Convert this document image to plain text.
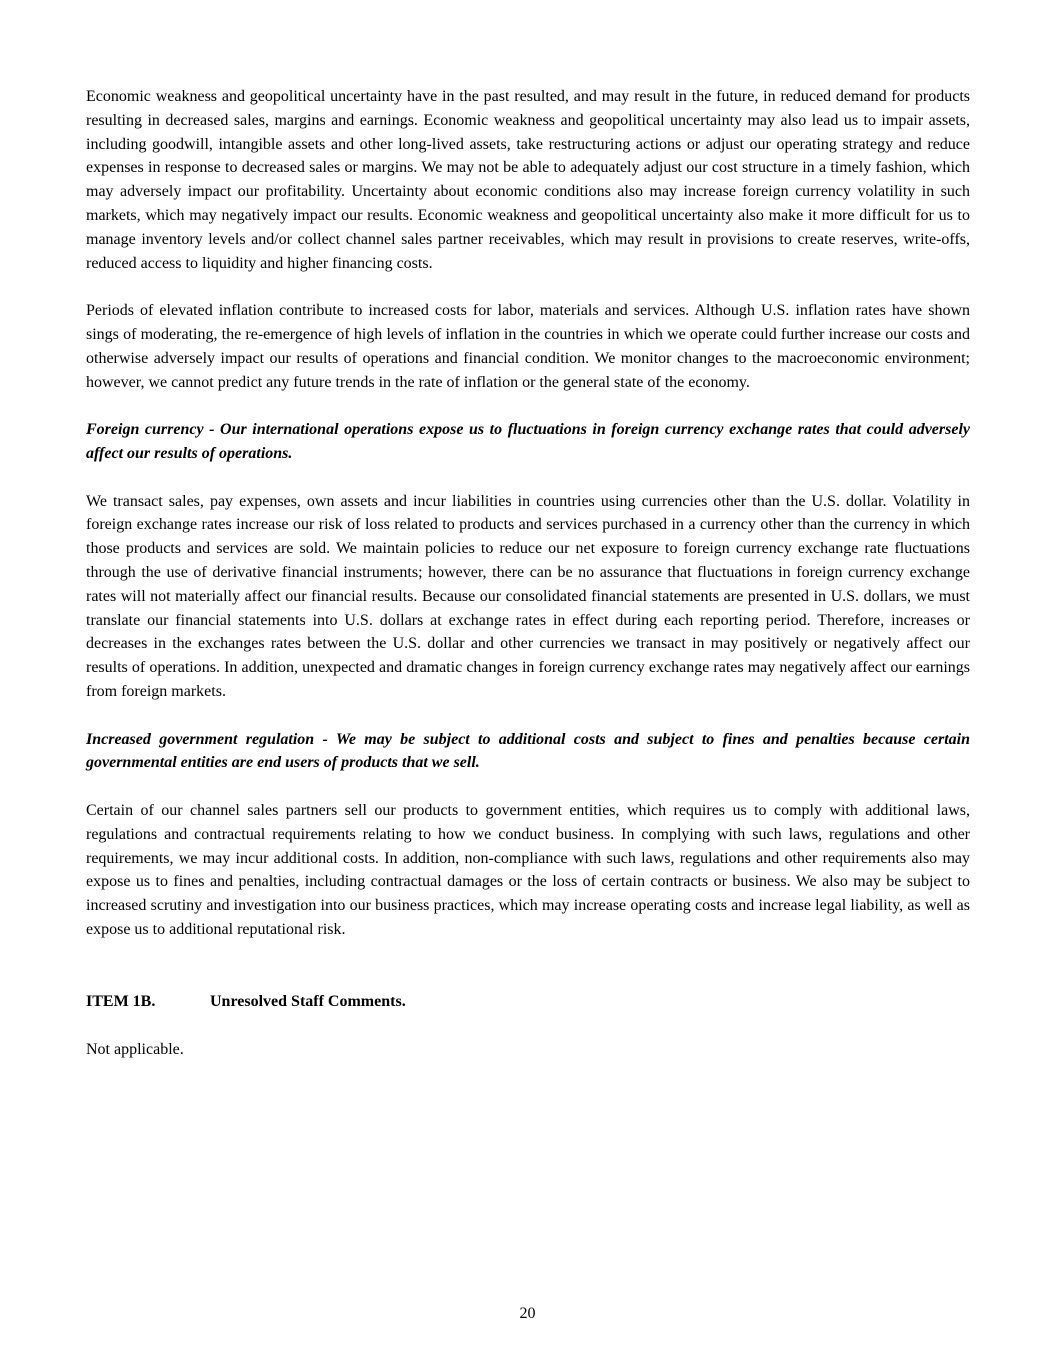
Economic weakness and geopolitical uncertainty have in the past resulted, and may result in the future, in reduced demand for products resulting in decreased sales, margins and earnings. Economic weakness and geopolitical uncertainty may also lead us to impair assets, including goodwill, intangible assets and other long-lived assets, take restructuring actions or adjust our operating strategy and reduce expenses in response to decreased sales or margins. We may not be able to adequately adjust our cost structure in a timely fashion, which may adversely impact our profitability. Uncertainty about economic conditions also may increase foreign currency volatility in such markets, which may negatively impact our results. Economic weakness and geopolitical uncertainty also make it more difficult for us to manage inventory levels and/or collect channel sales partner receivables, which may result in provisions to create reserves, write-offs, reduced access to liquidity and higher financing costs.

Periods of elevated inflation contribute to increased costs for labor, materials and services. Although U.S. inflation rates have shown sings of moderating, the re-emergence of high levels of inflation in the countries in which we operate could further increase our costs and otherwise adversely impact our results of operations and financial condition. We monitor changes to the macroeconomic environment; however, we cannot predict any future trends in the rate of inflation or the general state of the economy.

Foreign currency - Our international operations expose us to fluctuations in foreign currency exchange rates that could adversely affect our results of operations.

We transact sales, pay expenses, own assets and incur liabilities in countries using currencies other than the U.S. dollar. Volatility in foreign exchange rates increase our risk of loss related to products and services purchased in a currency other than the currency in which those products and services are sold. We maintain policies to reduce our net exposure to foreign currency exchange rate fluctuations through the use of derivative financial instruments; however, there can be no assurance that fluctuations in foreign currency exchange rates will not materially affect our financial results. Because our consolidated financial statements are presented in U.S. dollars, we must translate our financial statements into U.S. dollars at exchange rates in effect during each reporting period. Therefore, increases or decreases in the exchanges rates between the U.S. dollar and other currencies we transact in may positively or negatively affect our results of operations. In addition, unexpected and dramatic changes in foreign currency exchange rates may negatively affect our earnings from foreign markets.

Increased government regulation - We may be subject to additional costs and subject to fines and penalties because certain governmental entities are end users of products that we sell.

Certain of our channel sales partners sell our products to government entities, which requires us to comply with additional laws, regulations and contractual requirements relating to how we conduct business. In complying with such laws, regulations and other requirements, we may incur additional costs. In addition, non-compliance with such laws, regulations and other requirements also may expose us to fines and penalties, including contractual damages or the loss of certain contracts or business. We also may be subject to increased scrutiny and investigation into our business practices, which may increase operating costs and increase legal liability, as well as expose us to additional reputational risk.

ITEM 1B.	Unresolved Staff Comments.

Not applicable.

20
